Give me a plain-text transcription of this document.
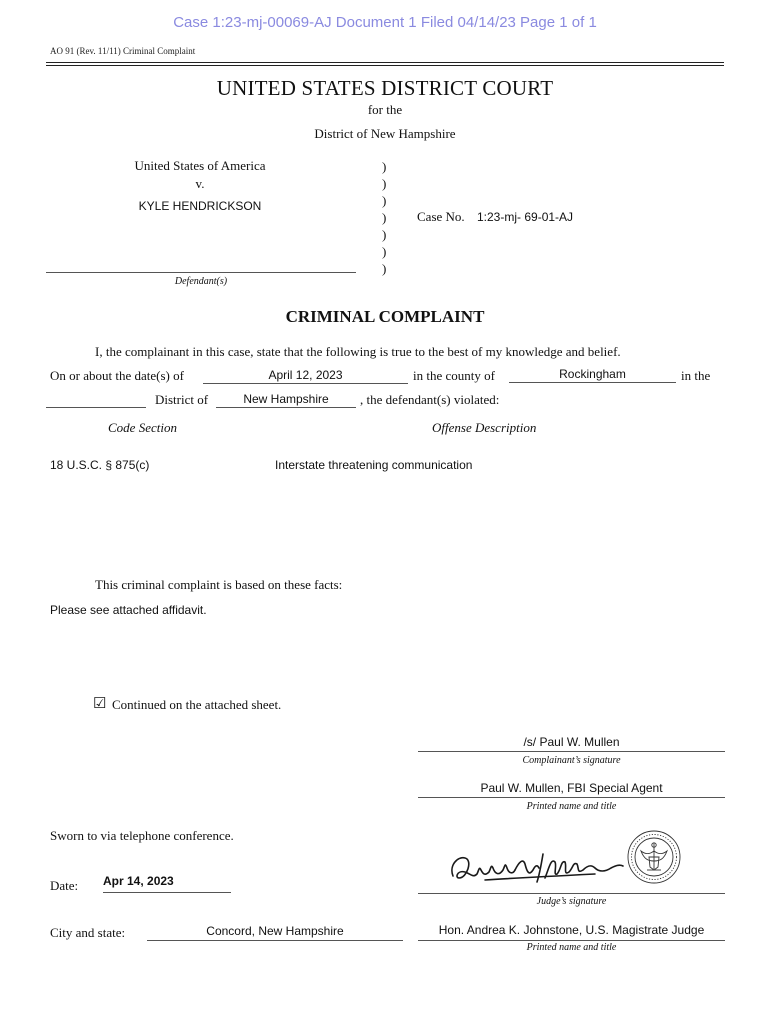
Case 1:23-mj-00069-AJ Document 1 Filed 04/14/23 Page 1 of 1
AO 91 (Rev. 11/11) Criminal Complaint
UNITED STATES DISTRICT COURT
for the
District of New Hampshire
United States of America
v.
KYLE HENDRICKSON
)
)
)
)
)
)
)
Case No. 1:23-mj- 69-01-AJ
Defendant(s)
CRIMINAL COMPLAINT
I, the complainant in this case, state that the following is true to the best of my knowledge and belief.
On or about the date(s) of	April 12, 2023	in the county of	Rockingham	in the
District of	New Hampshire	, the defendant(s) violated:
Code Section	Offense Description
18 U.S.C. § 875(c)	Interstate threatening communication
This criminal complaint is based on these facts:
Please see attached affidavit.
☑ Continued on the attached sheet.
/s/ Paul W. Mullen
Complainant’s signature
Paul W. Mullen, FBI Special Agent
Printed name and title
Sworn to via telephone conference.
Date: Apr 14, 2023
Judge’s signature
City and state:	Concord, New Hampshire	Hon. Andrea K. Johnstone, U.S. Magistrate Judge
Printed name and title
